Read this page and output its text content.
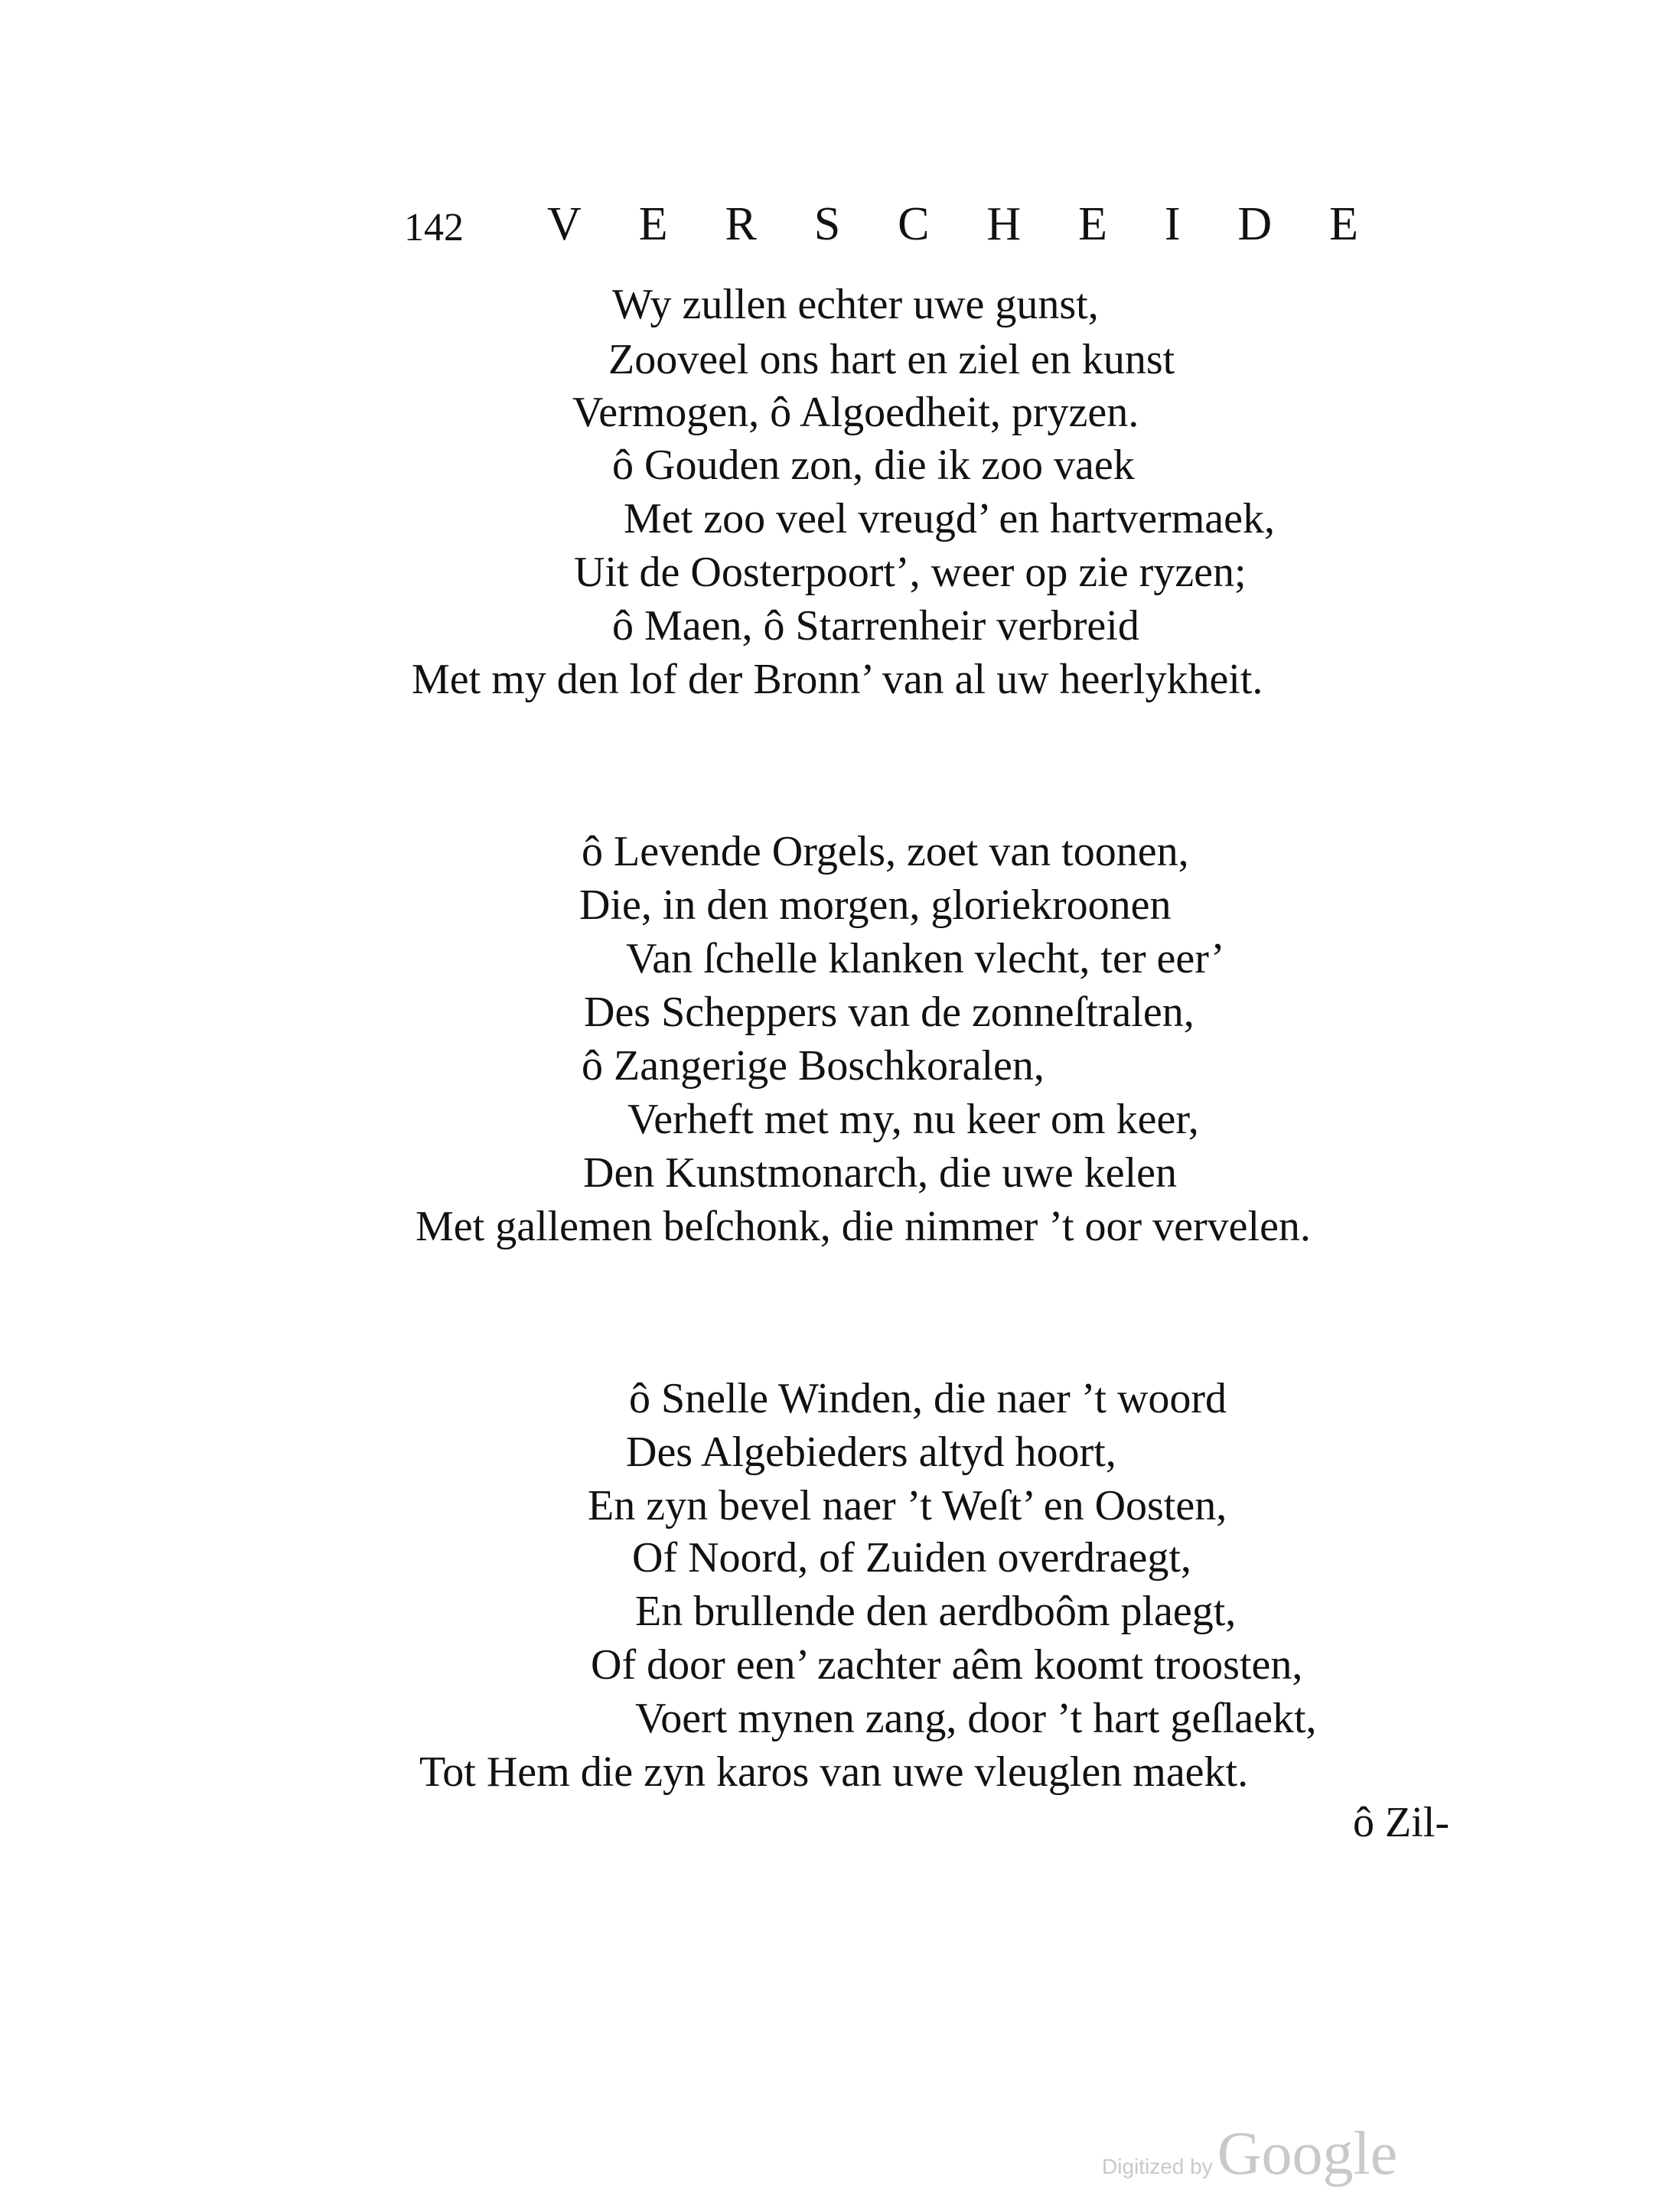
142 V E R S C H E I D E
Wy zullen echter uwe gunst,
Zooveel ons hart en ziel en kunst
Vermogen, ô Algoedheit, pryzen.
ô Gouden zon, die ik zoo vaek
Met zoo veel vreugd’ en hartvermaek,
Uit de Oosterpoort’, weer op zie ryzen;
ô Maen, ô Starrenheir verbreid
Met my den lof der Bronn’ van al uw heerlykheit.
ô Levende Orgels, zoet van toonen,
Die, in den morgen, gloriekroonen
Van ſchelle klanken vlecht, ter eer’
Des Scheppers van de zonneſtralen,
ô Zangerige Boschkoralen,
Verheft met my, nu keer om keer,
Den Kunstmonarch, die uwe kelen
Met gallemen beſchonk, die nimmer ’t oor vervelen.
ô Snelle Winden, die naer ’t woord
Des Algebieders altyd hoort,
En zyn bevel naer ’t Weſt’ en Oosten,
Of Noord, of Zuiden overdraegt,
En brullende den aerdboôm plaegt,
Of door een’ zachter aêm koomt troosten,
Voert mynen zang, door ’t hart geſlaekt,
Tot Hem die zyn karos van uwe vleuglen maekt.
ô Zil-
Digitized by Google
